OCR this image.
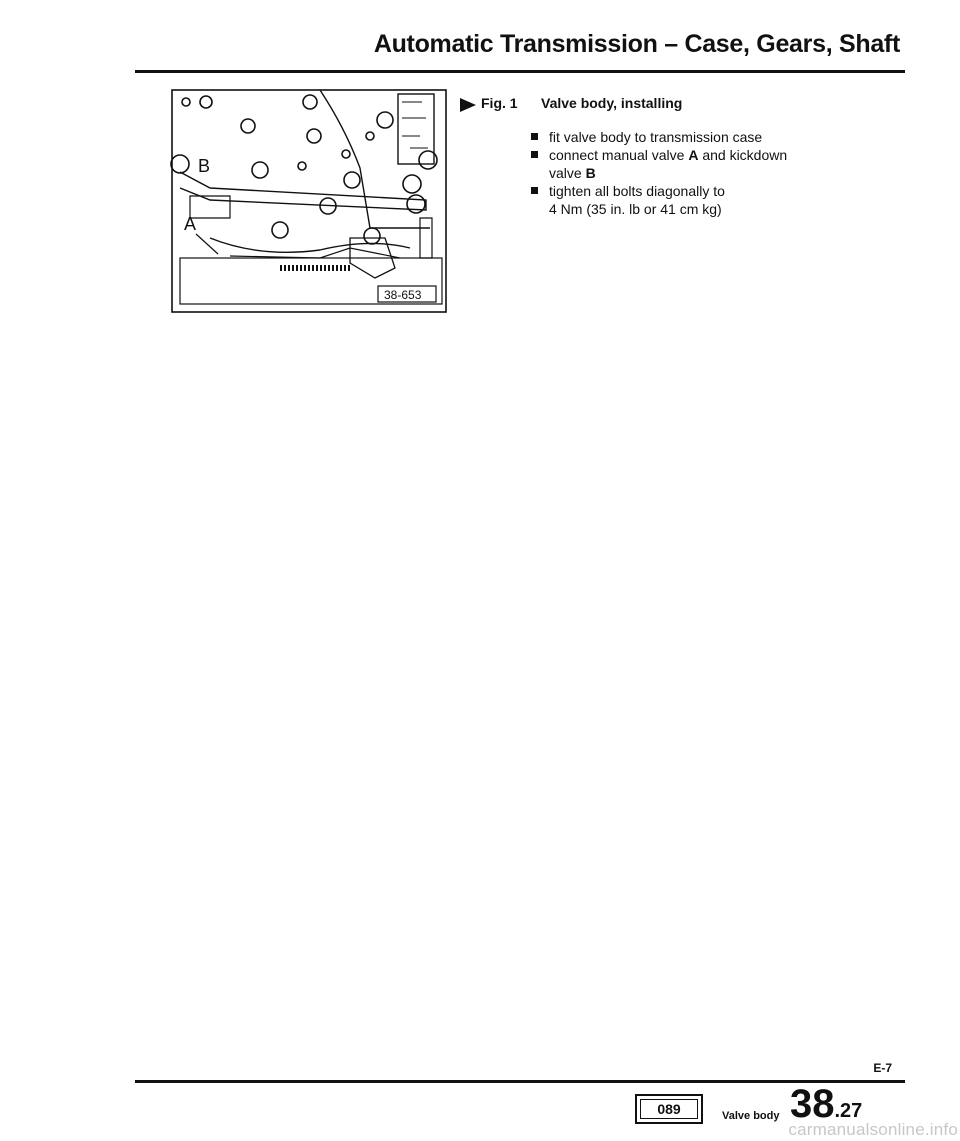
Automatic Transmission – Case, Gears, Shaft
38-653
B
A
Fig. 1 Valve body, installing
fit valve body to transmission case
connect manual valve A and kickdown
valve B
tighten all bolts diagonally to
4 Nm (35 in. lb or 41 cm kg)
E-7
089	Valve body 38.27
carmanualsonline.info
